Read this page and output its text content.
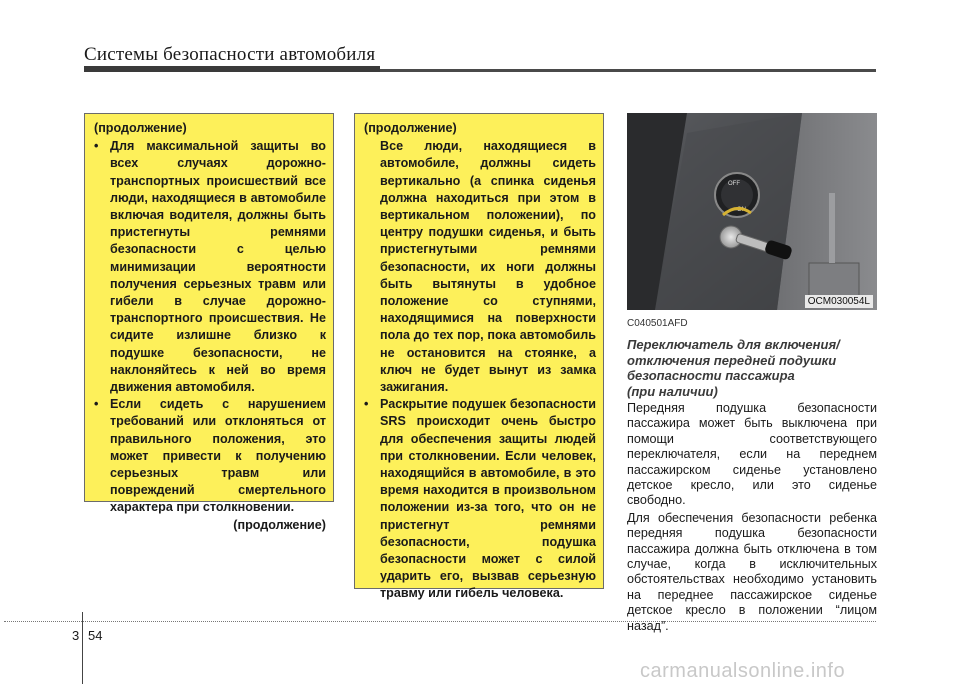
Системы безопасности автомобиля
(продолжение)
• Для максимальной защиты во всех случаях дорожно-транспортных происшествий все люди, находящиеся в автомобиле включая водителя, должны быть пристегнуты ремнями безопасности с целью минимизации вероятности получения серьезных травм или гибели в случае дорожно-транспортного происшествия. Не сидите излишне близко к подушке безопасности, не наклоняйтесь к ней во время движения автомобиля.
• Если сидеть с нарушением требований или отклоняться от правильного положения, это может привести к получению серьезных травм или повреждений смертельного характера при столкновении.
(продолжение)
(продолжение)
Все люди, находящиеся в автомобиле, должны сидеть вертикально (а спинка сиденья должна находиться при этом в вертикальном положении), по центру подушки сиденья, и быть пристегнутыми ремнями безопасности, их ноги должны быть вытянуты в удобное положение со ступнями, находящимися на поверхности пола до тех пор, пока автомобиль не остановится на стоянке, а ключ не будет вынут из замка зажигания.
• Раскрытие подушек безопасности SRS происходит очень быстро для обеспечения защиты людей при столкновении. Если человек, находящийся в автомобиле, в это время находится в произвольном положении из-за того, что он не пристегнут ремнями безопасности, подушка безопасности может с силой ударить его, вызвав серьезную травму или гибель человека.
OFF
ON
OCM030054L
C040501AFD
Переключатель для включения/
отключения передней подушки
безопасности пассажира
(при наличии)

Передняя подушка безопасности пассажира может быть выключена при помощи соответствующего переключателя, если на переднем пассажирском сиденье установлено детское кресло, или это сиденье свободно.

Для обеспечения безопасности ребенка передняя подушка безопасности пассажира должна быть отключена в том случае, когда в исключительных обстоятельствах необходимо установить на переднее пассажирское сиденье детское кресло в положении “лицом назад”.

3 54
carmanualsonline.info
